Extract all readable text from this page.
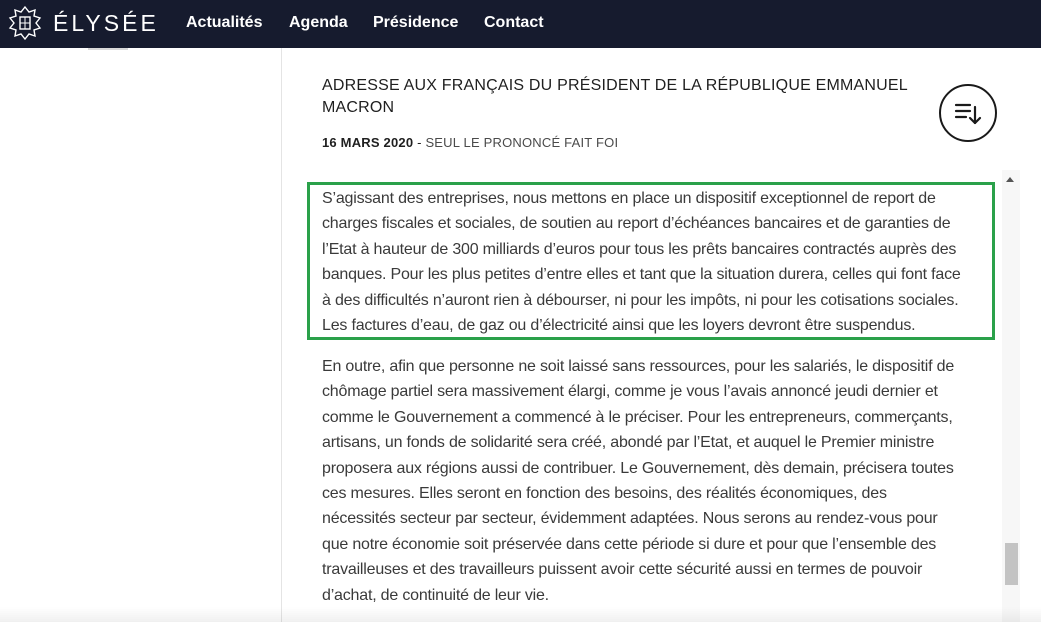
ÉLYSÉE Actualités Agenda Présidence Contact
ADRESSE AUX FRANÇAIS DU PRÉSIDENT DE LA RÉPUBLIQUE EMMANUEL MACRON
16 MARS 2020 - SEUL LE PRONONCÉ FAIT FOI
S’agissant des entreprises, nous mettons en place un dispositif exceptionnel de report de charges fiscales et sociales, de soutien au report d’échéances bancaires et de garanties de l’Etat à hauteur de 300 milliards d’euros pour tous les prêts bancaires contractés auprès des banques. Pour les plus petites d’entre elles et tant que la situation durera, celles qui font face à des difficultés n’auront rien à débourser, ni pour les impôts, ni pour les cotisations sociales. Les factures d’eau, de gaz ou d’électricité ainsi que les loyers devront être suspendus.
En outre, afin que personne ne soit laissé sans ressources, pour les salariés, le dispositif de chômage partiel sera massivement élargi, comme je vous l’avais annoncé jeudi dernier et comme le Gouvernement a commencé à le préciser. Pour les entrepreneurs, commerçants, artisans, un fonds de solidarité sera créé, abondé par l’Etat, et auquel le Premier ministre proposera aux régions aussi de contribuer. Le Gouvernement, dès demain, précisera toutes ces mesures. Elles seront en fonction des besoins, des réalités économiques, des nécessités secteur par secteur, évidemment adaptées. Nous serons au rendez-vous pour que notre économie soit préservée dans cette période si dure et pour que l’ensemble des travailleuses et des travailleurs puissent avoir cette sécurité aussi en termes de pouvoir d’achat, de continuité de leur vie.
